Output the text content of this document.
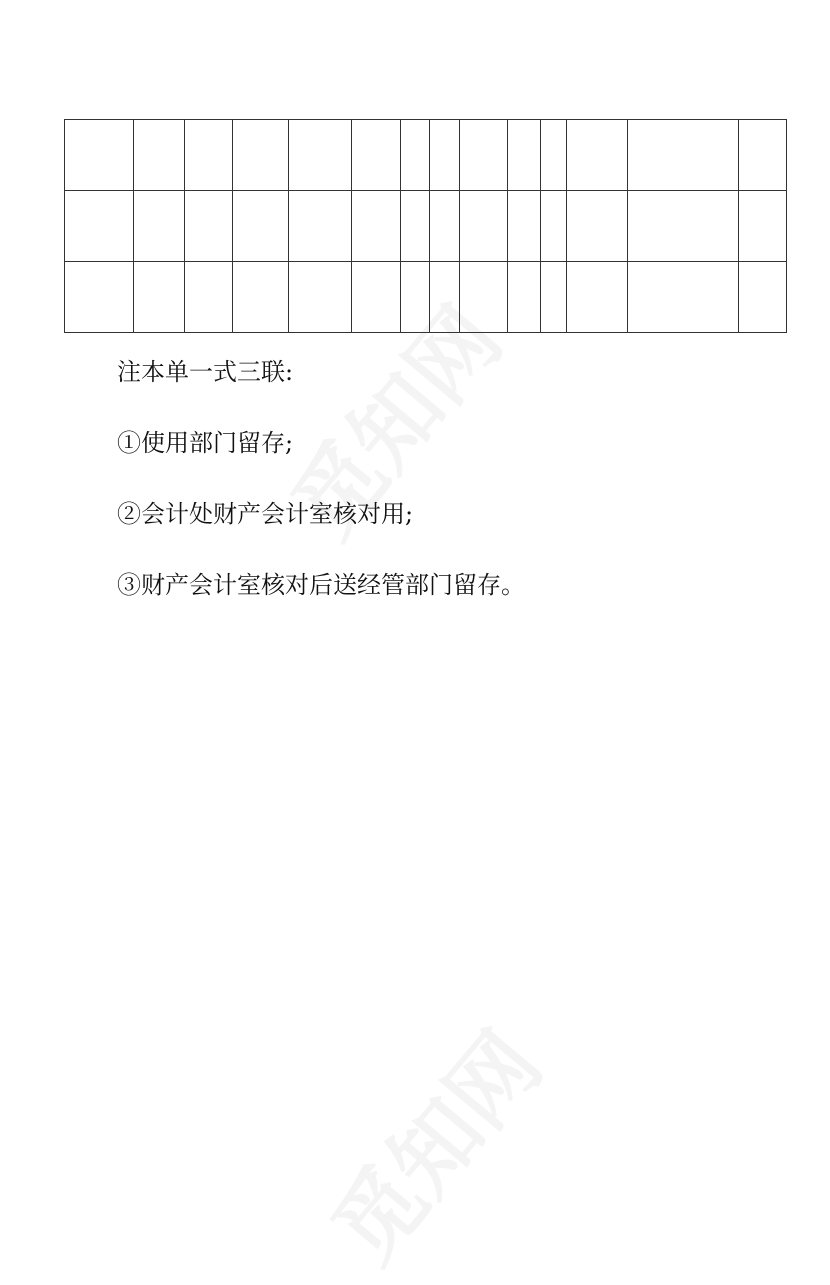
注本单一式三联:

①使用部门留存;

②会计处财产会计室核对用;

③财产会计室核对后送经管部门留存。
